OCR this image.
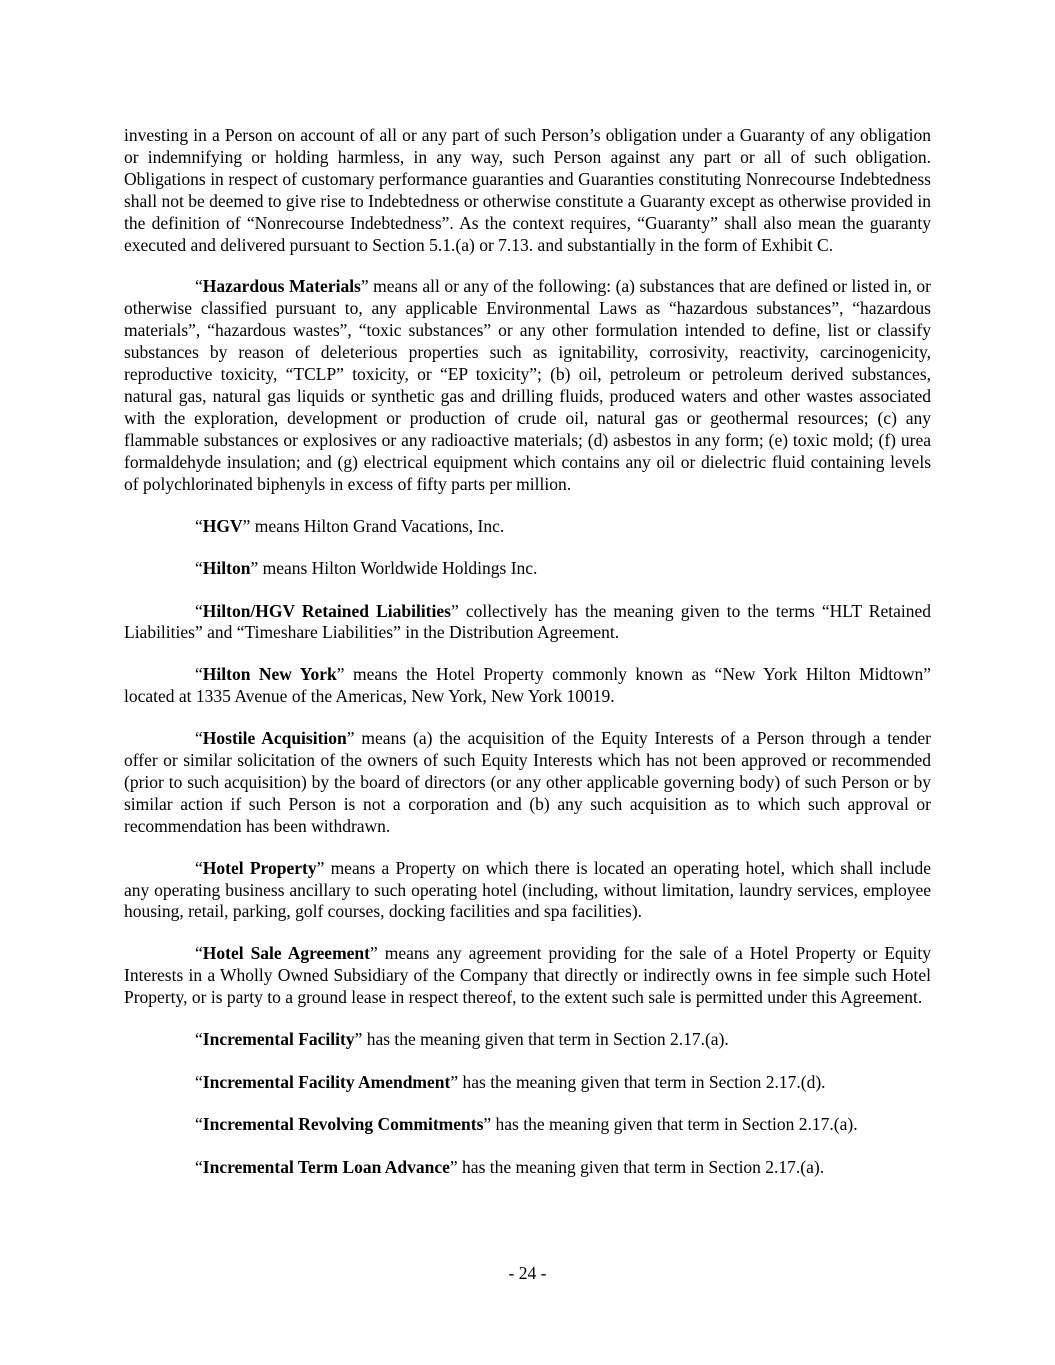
investing in a Person on account of all or any part of such Person’s obligation under a Guaranty of any obligation or indemnifying or holding harmless, in any way, such Person against any part or all of such obligation. Obligations in respect of customary performance guaranties and Guaranties constituting Nonrecourse Indebtedness shall not be deemed to give rise to Indebtedness or otherwise constitute a Guaranty except as otherwise provided in the definition of “Nonrecourse Indebtedness”. As the context requires, “Guaranty” shall also mean the guaranty executed and delivered pursuant to Section 5.1.(a) or 7.13. and substantially in the form of Exhibit C.

“Hazardous Materials” means all or any of the following: (a) substances that are defined or listed in, or otherwise classified pursuant to, any applicable Environmental Laws as “hazardous substances”, “hazardous materials”, “hazardous wastes”, “toxic substances” or any other formulation intended to define, list or classify substances by reason of deleterious properties such as ignitability, corrosivity, reactivity, carcinogenicity, reproductive toxicity, “TCLP” toxicity, or “EP toxicity”; (b) oil, petroleum or petroleum derived substances, natural gas, natural gas liquids or synthetic gas and drilling fluids, produced waters and other wastes associated with the exploration, development or production of crude oil, natural gas or geothermal resources; (c) any flammable substances or explosives or any radioactive materials; (d) asbestos in any form; (e) toxic mold; (f) urea formaldehyde insulation; and (g) electrical equipment which contains any oil or dielectric fluid containing levels of polychlorinated biphenyls in excess of fifty parts per million.

“HGV” means Hilton Grand Vacations, Inc.

“Hilton” means Hilton Worldwide Holdings Inc.

“Hilton/HGV Retained Liabilities” collectively has the meaning given to the terms “HLT Retained Liabilities” and “Timeshare Liabilities” in the Distribution Agreement.

“Hilton New York” means the Hotel Property commonly known as “New York Hilton Midtown” located at 1335 Avenue of the Americas, New York, New York 10019.

“Hostile Acquisition” means (a) the acquisition of the Equity Interests of a Person through a tender offer or similar solicitation of the owners of such Equity Interests which has not been approved or recommended (prior to such acquisition) by the board of directors (or any other applicable governing body) of such Person or by similar action if such Person is not a corporation and (b) any such acquisition as to which such approval or recommendation has been withdrawn.

“Hotel Property” means a Property on which there is located an operating hotel, which shall include any operating business ancillary to such operating hotel (including, without limitation, laundry services, employee housing, retail, parking, golf courses, docking facilities and spa facilities).

“Hotel Sale Agreement” means any agreement providing for the sale of a Hotel Property or Equity Interests in a Wholly Owned Subsidiary of the Company that directly or indirectly owns in fee simple such Hotel Property, or is party to a ground lease in respect thereof, to the extent such sale is permitted under this Agreement.

“Incremental Facility” has the meaning given that term in Section 2.17.(a).

“Incremental Facility Amendment” has the meaning given that term in Section 2.17.(d).

“Incremental Revolving Commitments” has the meaning given that term in Section 2.17.(a).

“Incremental Term Loan Advance” has the meaning given that term in Section 2.17.(a).

- 24 -
